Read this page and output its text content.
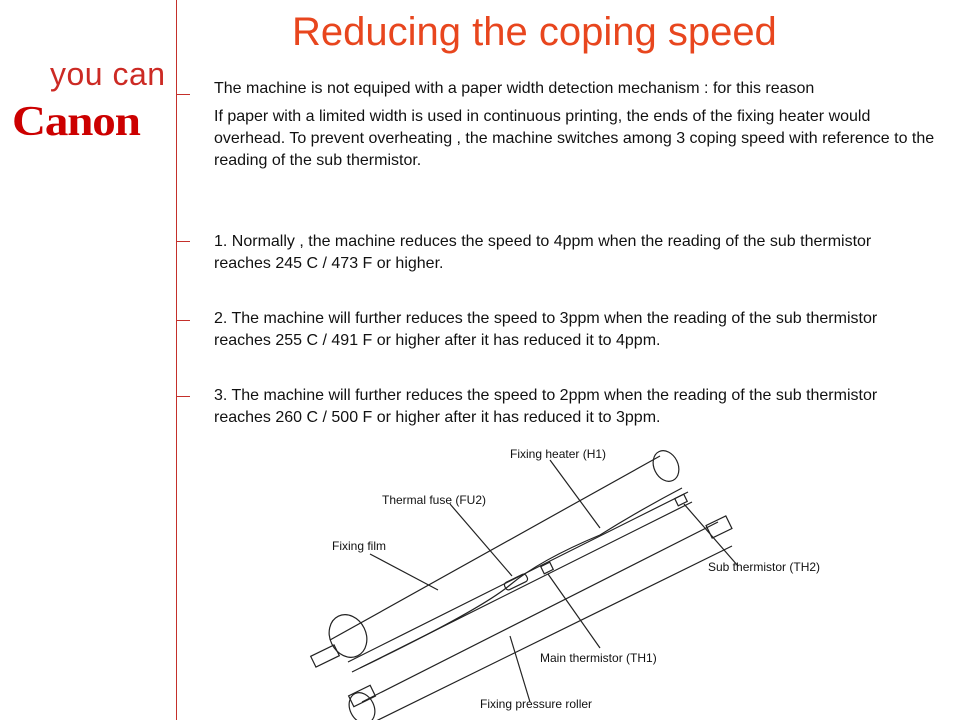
you can
Canon
Reducing the coping speed
The machine is not equiped with a paper width detection mechanism : for this reason
If paper with a limited width is used in continuous printing, the ends of the fixing heater would overhead. To prevent overheating , the machine switches among 3 coping speed with reference to the reading of the sub thermistor.
1. Normally , the machine reduces the speed to 4ppm when the reading of the sub thermistor reaches 245 C / 473 F or higher.
2. The machine will further reduces the speed to 3ppm when the reading of the sub thermistor reaches 255 C / 491 F or higher after it has reduced it to 4ppm.
3. The machine will further reduces the speed to 2ppm when the reading of the sub thermistor reaches 260 C / 500 F or higher after it has reduced it to 3ppm.
Fixing heater (H1)
Thermal fuse (FU2)
Fixing film
Sub thermistor (TH2)
Main thermistor (TH1)
Fixing pressure roller
